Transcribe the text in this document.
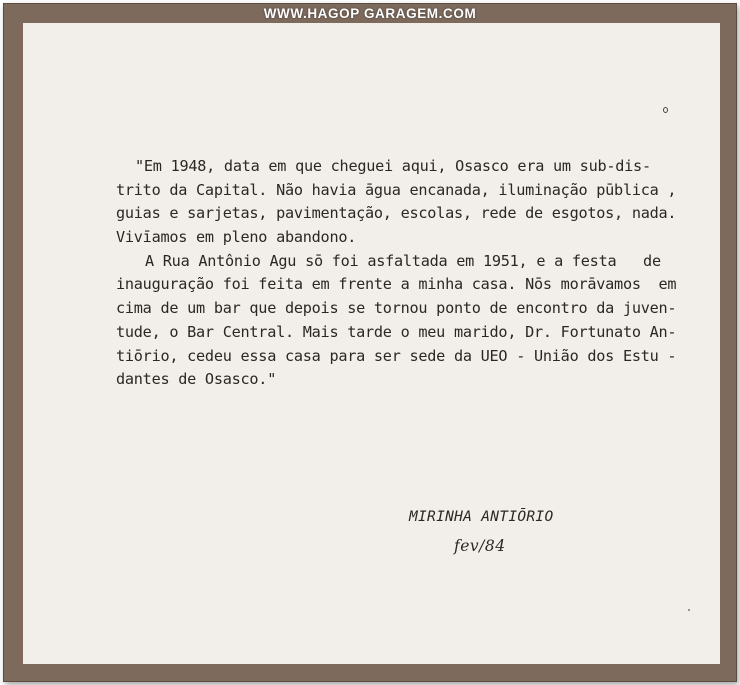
WWW.HAGOP GARAGEM.COM
"Em 1948, data em que cheguei aqui, Osasco era um sub-dis-
trito da Capital. Não havia āgua encanada, iluminação pūblica ,
guias e sarjetas, pavimentação, escolas, rede de esgotos, nada.
Vivīamos em pleno abandono.
A Rua Antônio Agu sō foi asfaltada em 1951, e a festa   de
inauguração foi feita em frente a minha casa. Nōs morāvamos  em
cima de um bar que depois se tornou ponto de encontro da juven-
tude, o Bar Central. Mais tarde o meu marido, Dr. Fortunato An-
tiōrio, cedeu essa casa para ser sede da UEO - União dos Estu -
dantes de Osasco."
MIRINHA ANTIŌRIO
fev/84
